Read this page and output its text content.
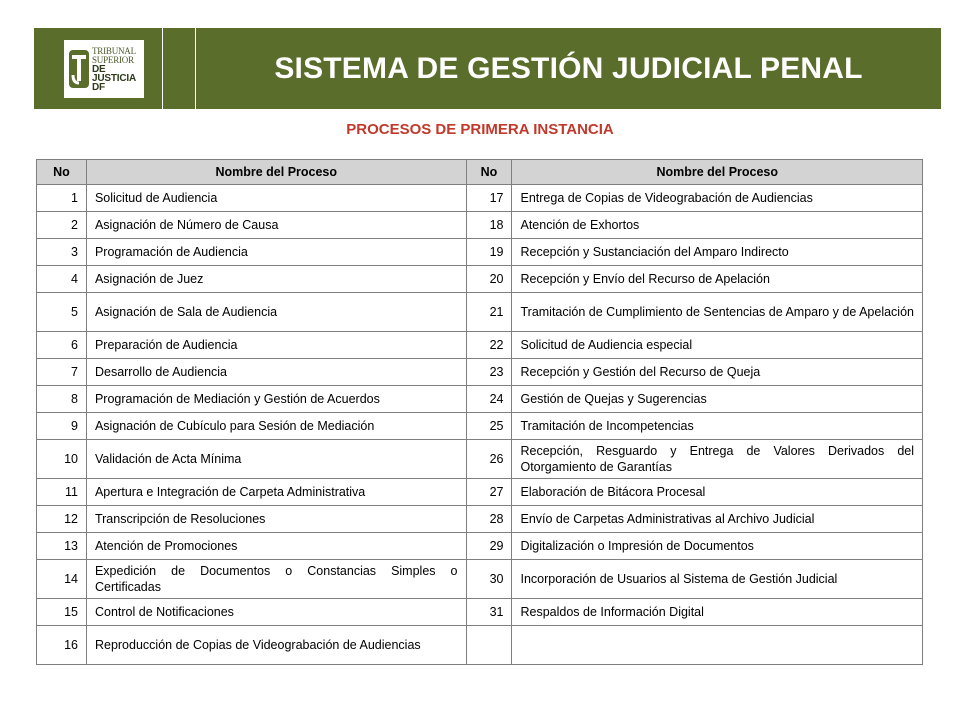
TRIBUNAL
SUPERIOR
DE JUSTICIA
DF
SISTEMA DE GESTIÓN JUDICIAL PENAL
PROCESOS DE PRIMERA INSTANCIA
No	Nombre del Proceso	No	Nombre del Proceso
1	Solicitud de Audiencia	17	Entrega de Copias de Videograbación de Audiencias

2	Asignación de Número de Causa	18	Atención de Exhortos

3	Programación de Audiencia	19	Recepción y Sustanciación del Amparo Indirecto

4	Asignación de Juez	20	Recepción y Envío del Recurso de Apelación

5	Asignación de Sala de Audiencia	21	Tramitación de Cumplimiento de Sentencias de Amparo y de Apelación

6	Preparación de Audiencia	22	Solicitud de Audiencia especial

7	Desarrollo de Audiencia	23	Recepción y Gestión del Recurso de Queja

8	Programación de Mediación y Gestión de Acuerdos	24	Gestión de Quejas y Sugerencias

9	Asignación de Cubículo para Sesión de Mediación	25	Tramitación de Incompetencias

10	Validación de Acta Mínima	26	Recepción, Resguardo y Entrega de Valores Derivados del Otorgamiento de Garantías

11	Apertura e Integración de Carpeta Administrativa	27	Elaboración de Bitácora Procesal

12	Transcripción de Resoluciones	28	Envío de Carpetas Administrativas al Archivo Judicial

13	Atención de Promociones	29	Digitalización o Impresión de Documentos

14	Expedición de Documentos o Constancias Simples o Certificadas	30	Incorporación de Usuarios al Sistema de Gestión Judicial

15	Control de Notificaciones	31	Respaldos de Información Digital

16	Reproducción de Copias de Videograbación de Audiencias		
